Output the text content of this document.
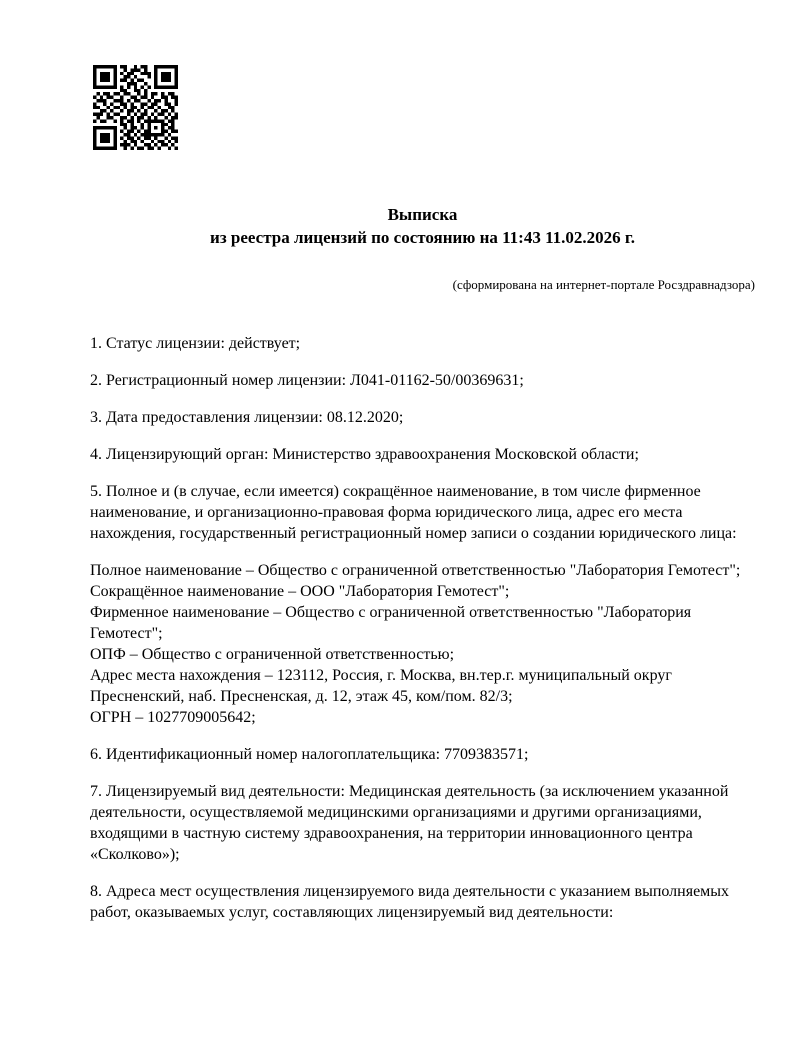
Выписка
из реестра лицензий по состоянию на 11:43 11.02.2026 г.
(сформирована на интернет-портале Росздравнадзора)

1. Статус лицензии: действует;

2. Регистрационный номер лицензии: Л041-01162-50/00369631;

3. Дата предоставления лицензии: 08.12.2020;

4. Лицензирующий орган: Министерство здравоохранения Московской области;

5. Полное и (в случае, если имеется) сокращённое наименование, в том числе фирменное наименование, и организационно-правовая форма юридического лица, адрес его места нахождения, государственный регистрационный номер записи о создании юридического лица:

Полное наименование – Общество с ограниченной ответственностью "Лаборатория Гемотест";
Сокращённое наименование – ООО "Лаборатория Гемотест";
Фирменное наименование – Общество с ограниченной ответственностью "Лаборатория Гемотест";
ОПФ – Общество с ограниченной ответственностью;
Адрес места нахождения – 123112, Россия, г. Москва, вн.тер.г. муниципальный округ Пресненский, наб. Пресненская, д. 12, этаж 45, ком/пом. 82/3;
ОГРН – 1027709005642;

6. Идентификационный номер налогоплательщика: 7709383571;

7. Лицензируемый вид деятельности: Медицинская деятельность (за исключением указанной деятельности, осуществляемой медицинскими организациями и другими организациями, входящими в частную систему здравоохранения, на территории инновационного центра «Сколково»);

8. Адреса мест осуществления лицензируемого вида деятельности с указанием выполняемых работ, оказываемых услуг, составляющих лицензируемый вид деятельности:
